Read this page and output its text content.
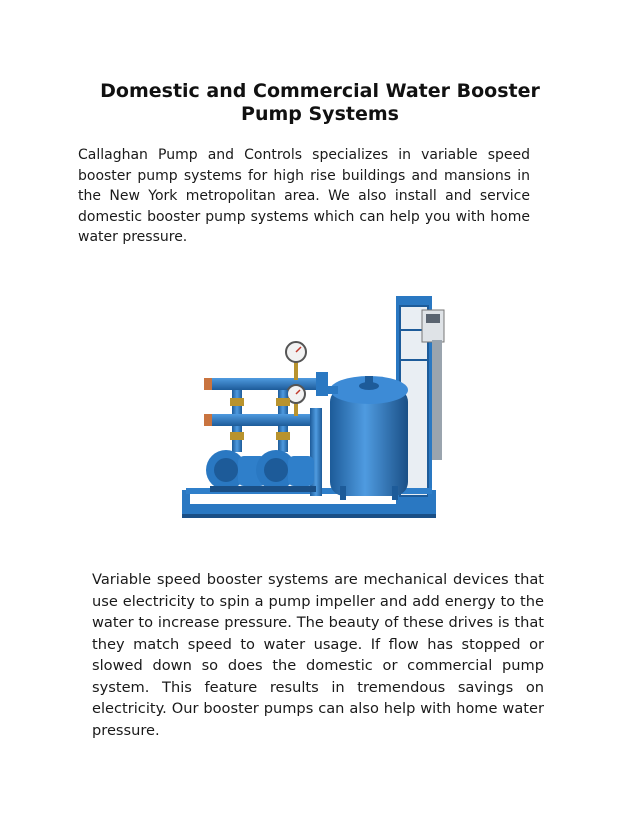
Domestic and Commercial Water Booster Pump Systems
Callaghan Pump and Controls specializes in variable speed booster pump systems for high rise buildings and mansions in the New York metropolitan area. We also install and service domestic booster pump systems which can help you with home water pressure.
Variable speed booster systems are mechanical devices that use electricity to spin a pump impeller and add energy to the water to increase pressure. The beauty of these drives is that they match speed to water usage. If flow has stopped or slowed down so does the domestic or commercial pump system. This feature results in tremendous savings on electricity. Our booster pumps can also help with home water pressure.
